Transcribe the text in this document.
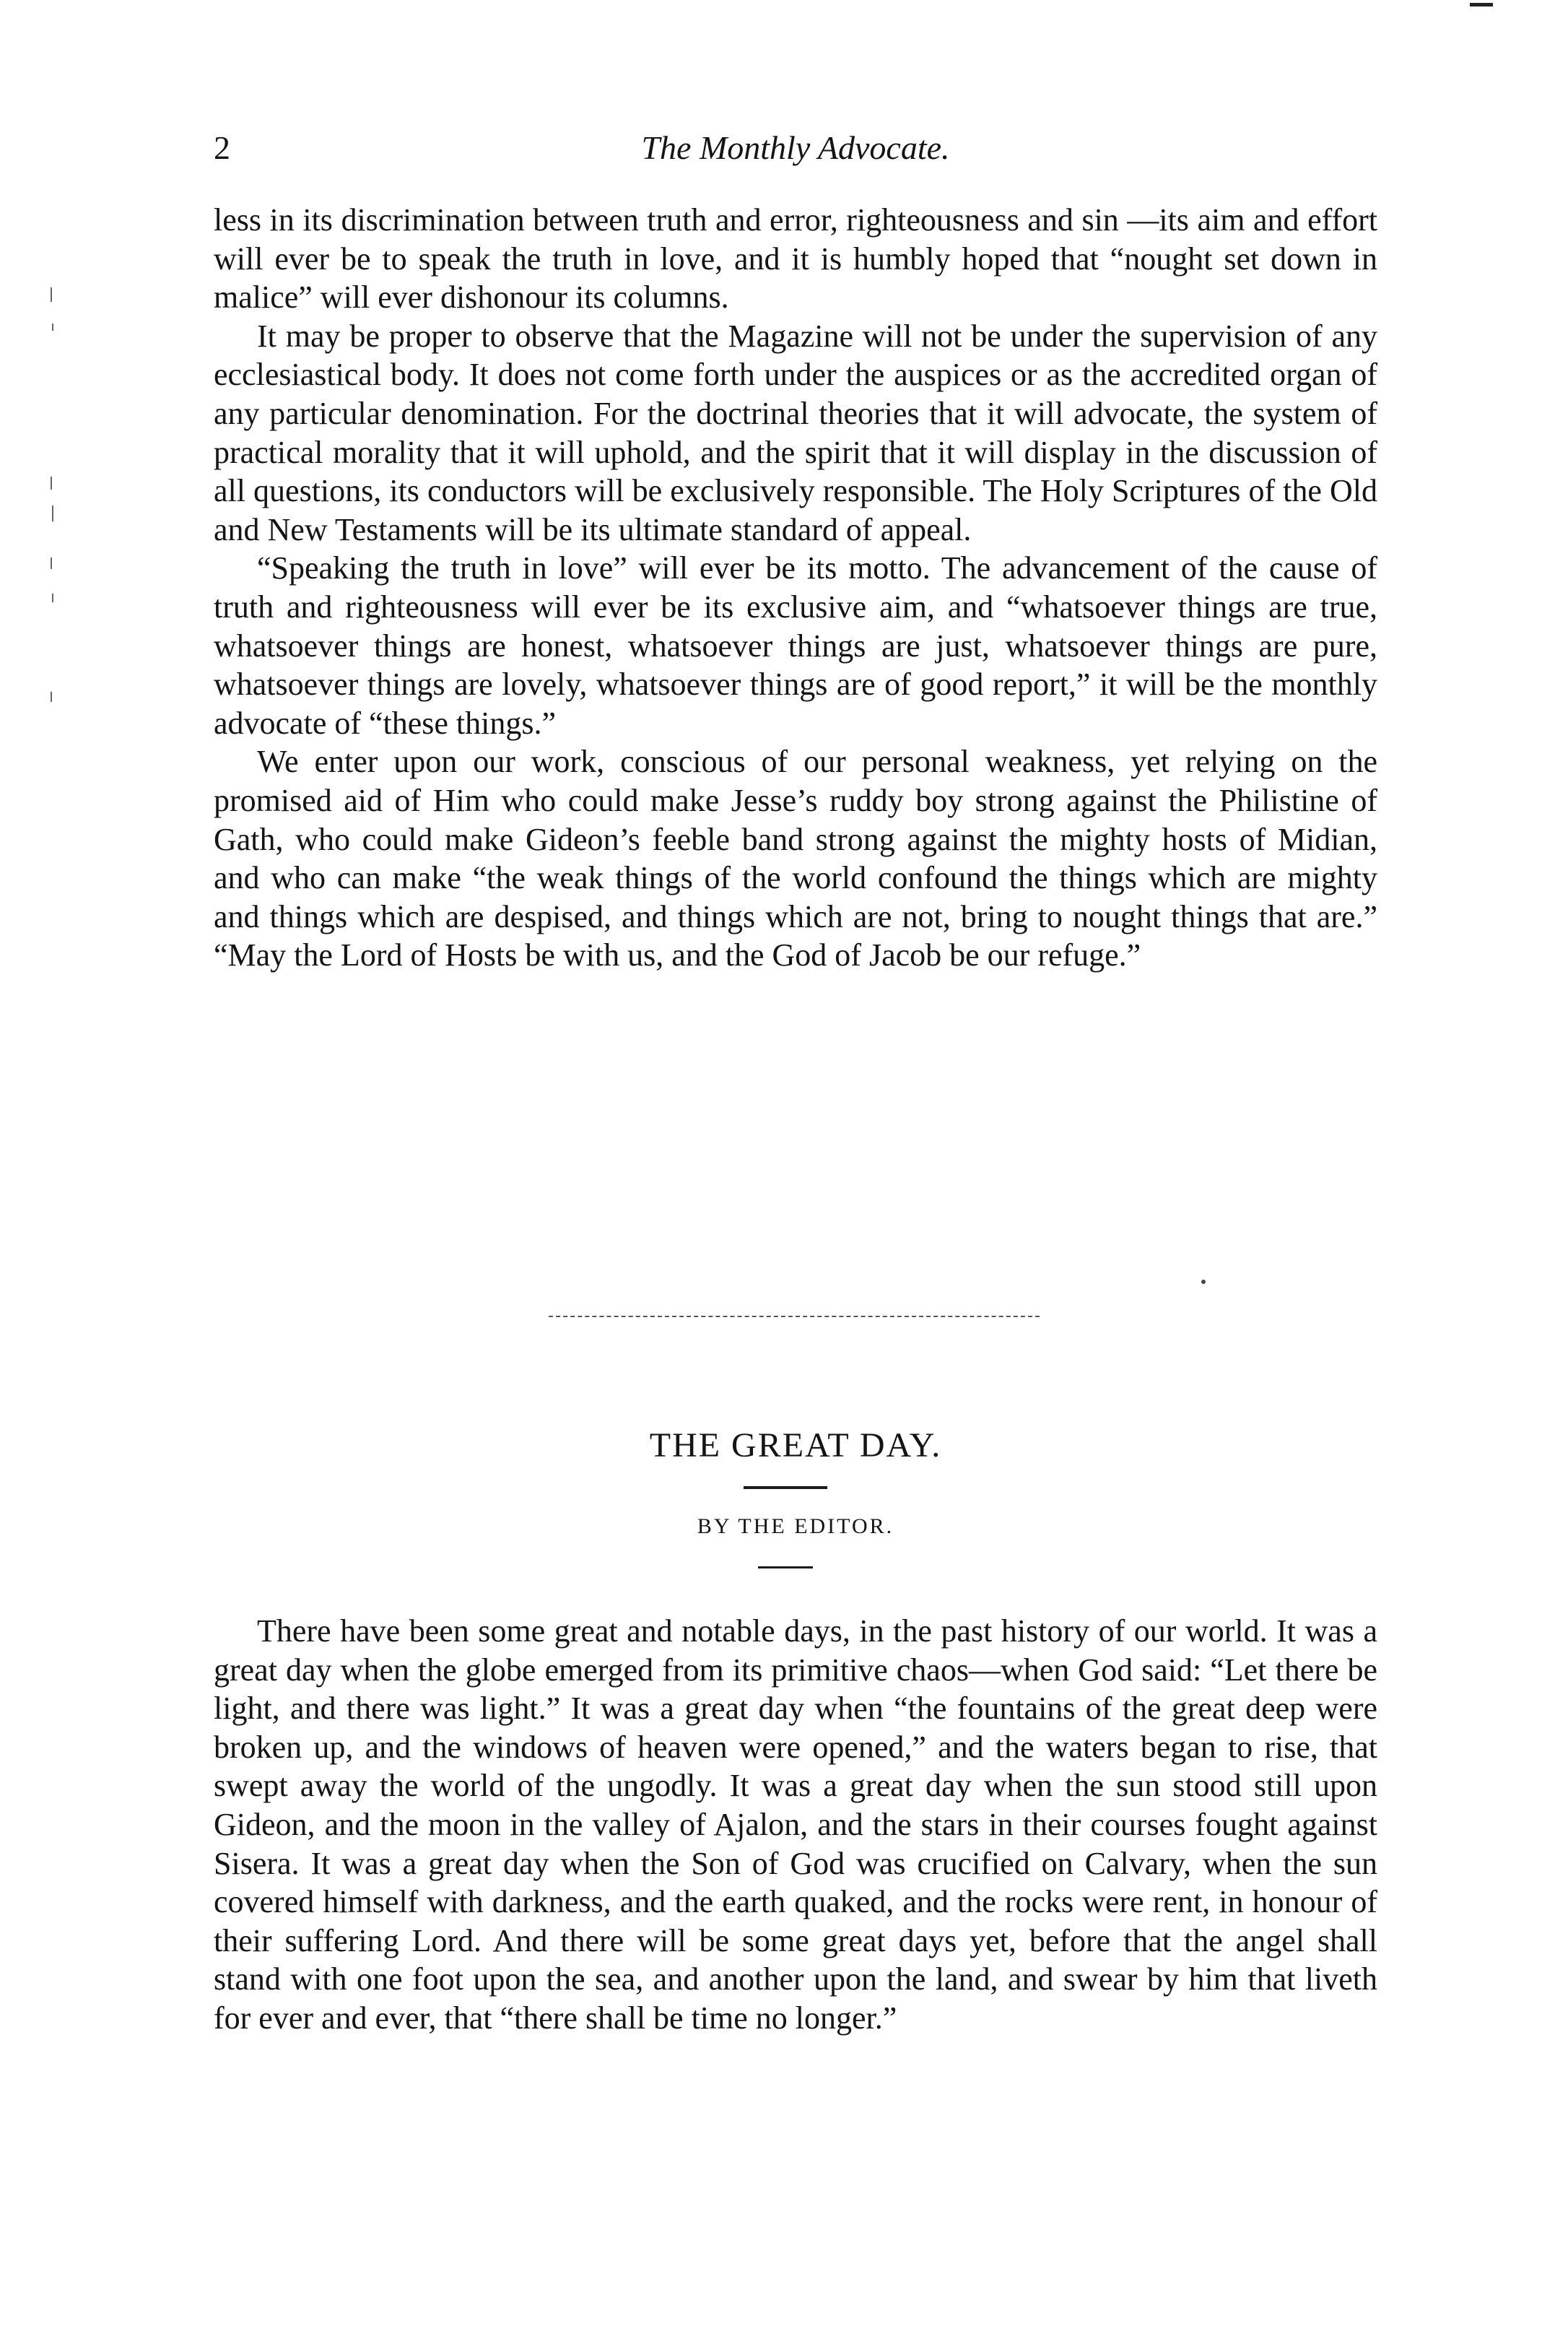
2	The Monthly Advocate.

less in its discrimination between truth and error, righteousness and sin —its aim and effort will ever be to speak the truth in love, and it is humbly hoped that “nought set down in malice” will ever dishonour its columns.

It may be proper to observe that the Magazine will not be under the supervision of any ecclesiastical body. It does not come forth under the auspices or as the accredited organ of any particular denomination. For the doctrinal theories that it will advocate, the system of practical morality that it will uphold, and the spirit that it will display in the discussion of all questions, its conductors will be exclusively responsible. The Holy Scriptures of the Old and New Testaments will be its ultimate standard of appeal.

“Speaking the truth in love” will ever be its motto. The advancement of the cause of truth and righteousness will ever be its exclusive aim, and “whatsoever things are true, whatsoever things are honest, whatsoever things are just, whatsoever things are pure, whatsoever things are lovely, whatsoever things are of good report,” it will be the monthly advocate of “these things.”

We enter upon our work, conscious of our personal weakness, yet relying on the promised aid of Him who could make Jesse’s ruddy boy strong against the Philistine of Gath, who could make Gideon’s feeble band strong against the mighty hosts of Midian, and who can make “the weak things of the world confound the things which are mighty and things which are despised, and things which are not, bring to nought things that are.” “May the Lord of Hosts be with us, and the God of Jacob be our refuge.”

THE GREAT DAY.
BY THE EDITOR.

There have been some great and notable days, in the past history of our world. It was a great day when the globe emerged from its primitive chaos—when God said: “Let there be light, and there was light.” It was a great day when “the fountains of the great deep were broken up, and the windows of heaven were opened,” and the waters began to rise, that swept away the world of the ungodly. It was a great day when the sun stood still upon Gideon, and the moon in the valley of Ajalon, and the stars in their courses fought against Sisera. It was a great day when the Son of God was crucified on Calvary, when the sun covered himself with darkness, and the earth quaked, and the rocks were rent, in honour of their suffering Lord. And there will be some great days yet, before that the angel shall stand with one foot upon the sea, and another upon the land, and swear by him that liveth for ever and ever, that “there shall be time no longer.”
